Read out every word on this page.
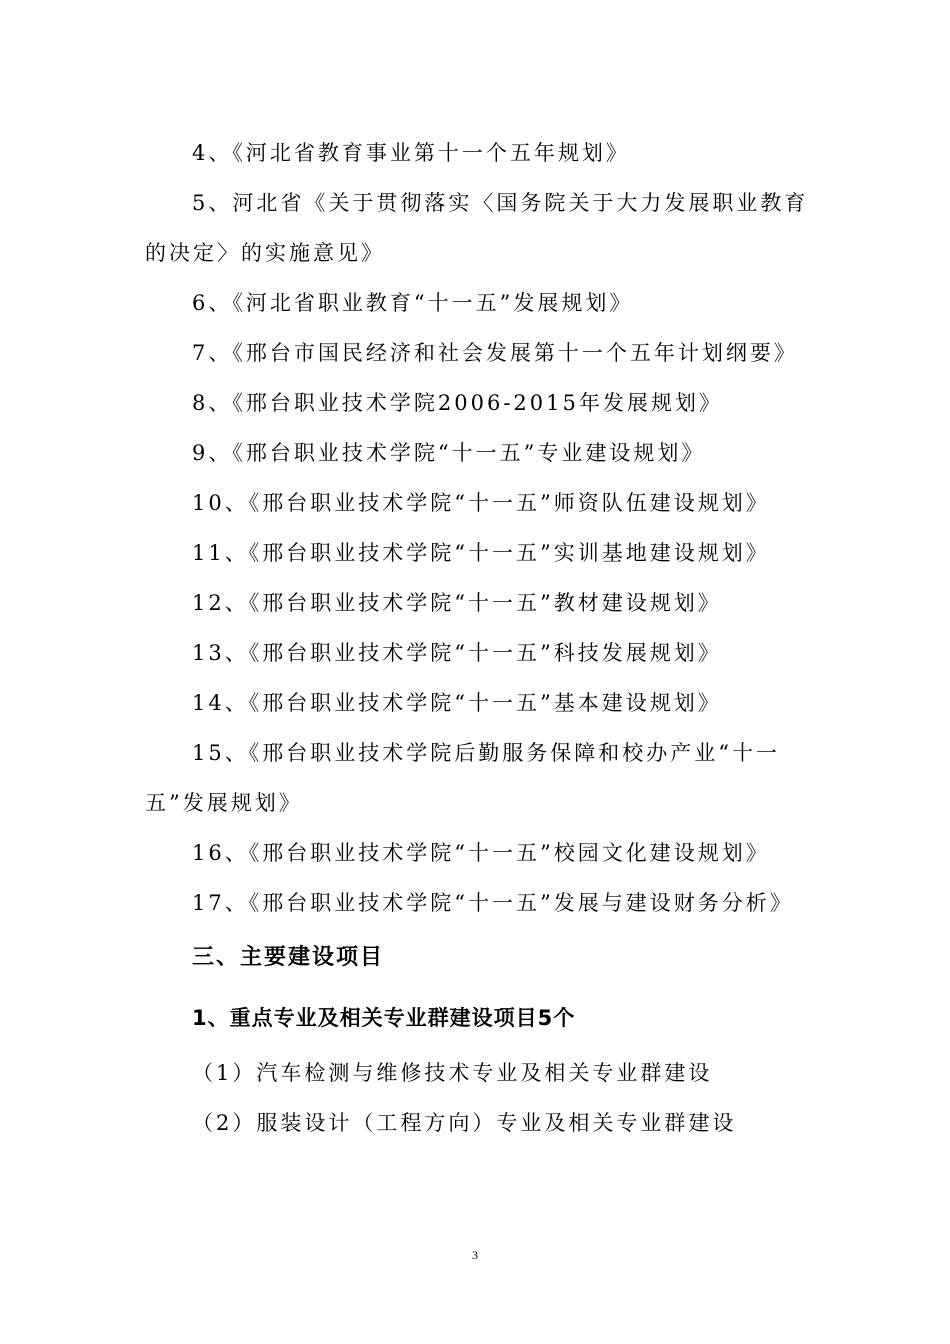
4、《河北省教育事业第十一个五年规划》

5、河北省《关于贯彻落实〈国务院关于大力发展职业教育的决定〉的实施意见》

6、《河北省职业教育“十一五”发展规划》

7、《邢台市国民经济和社会发展第十一个五年计划纲要》

8、《邢台职业技术学院2006-2015年发展规划》

9、《邢台职业技术学院“十一五”专业建设规划》

10、《邢台职业技术学院“十一五”师资队伍建设规划》

11、《邢台职业技术学院“十一五”实训基地建设规划》

12、《邢台职业技术学院“十一五”教材建设规划》

13、《邢台职业技术学院“十一五”科技发展规划》

14、《邢台职业技术学院“十一五”基本建设规划》

15、《邢台职业技术学院后勤服务保障和校办产业“十一五”发展规划》

16、《邢台职业技术学院“十一五”校园文化建设规划》

17、《邢台职业技术学院“十一五”发展与建设财务分析》

三、主要建设项目
1、重点专业及相关专业群建设项目5个

（1）汽车检测与维修技术专业及相关专业群建设

（2）服装设计（工程方向）专业及相关专业群建设

3
